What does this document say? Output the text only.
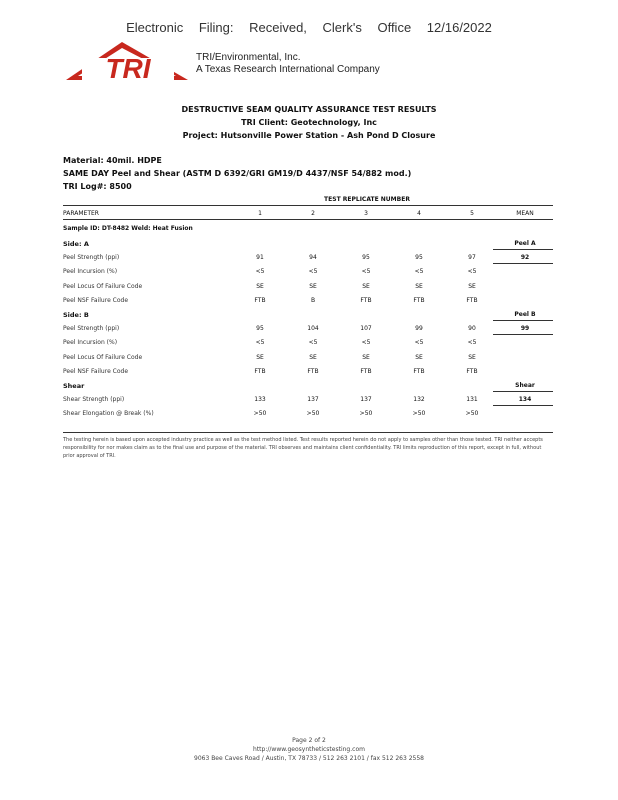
Electronic Filing: Received, Clerk's Office 12/16/2022
TRI	TRI/Environmental, Inc.
A Texas Research International Company
DESTRUCTIVE SEAM QUALITY ASSURANCE TEST RESULTS
TRI Client: Geotechnology, Inc
Project: Hutsonville Power Station - Ash Pond D Closure
Material: 40mil. HDPE
SAME DAY Peel and Shear (ASTM D 6392/GRI GM19/D 4437/NSF 54/882 mod.)
TRI Log#: 8500
TEST REPLICATE NUMBER
PARAMETER	1	2	3	4	5	MEAN
Sample ID: DT-8482 Weld: Heat Fusion
Side: A	Peel A
Peel Strength (ppi)	91	94	95	95	97	92
Peel Incursion (%)	<5	<5	<5	<5	<5
Peel Locus Of Failure Code	SE	SE	SE	SE	SE
Peel NSF Failure Code	FTB	B	FTB	FTB	FTB
Side: B	Peel B
Peel Strength (ppi)	95	104	107	99	90	99
Peel Incursion (%)	<5	<5	<5	<5	<5
Peel Locus Of Failure Code	SE	SE	SE	SE	SE
Peel NSF Failure Code	FTB	FTB	FTB	FTB	FTB
Shear	Shear
Shear Strength (ppi)	133	137	137	132	131	134
Shear Elongation @ Break (%)	>50	>50	>50	>50	>50
The testing herein is based upon accepted industry practice as well as the test method listed. Test results reported herein do not apply to samples other than those tested. TRI neither accepts responsibility for nor makes claim as to the final use and purpose of the material. TRI observes and maintains client confidentiality. TRI limits reproduction of this report, except in full, without prior approval of TRI.
Page 2 of 2
http://www.geosyntheticstesting.com
9063 Bee Caves Road / Austin, TX 78733 / 512 263 2101 / fax 512 263 2558
